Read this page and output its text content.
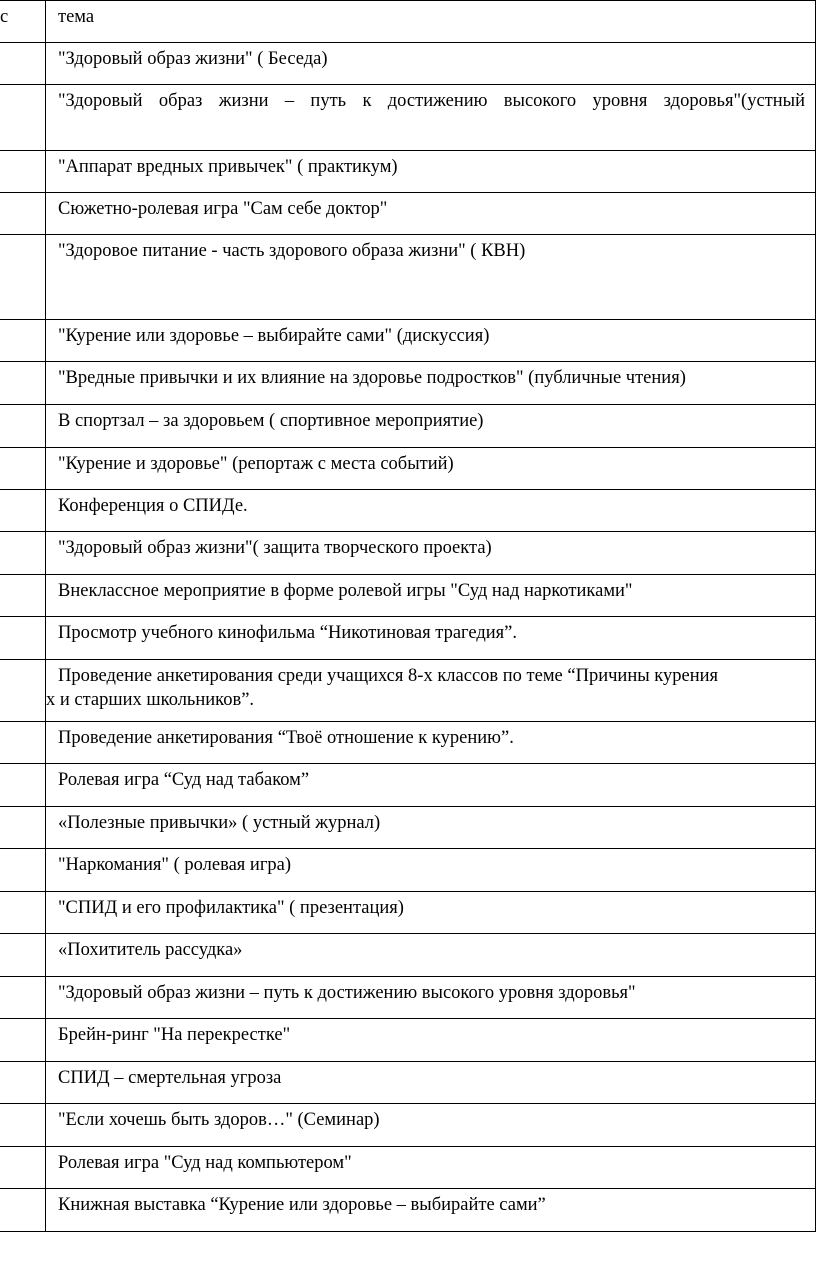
с	тема
"Здоровый образ жизни" ( Беседа)
"Здоровый образ жизни – путь к достижению высокого уровня здоровья"(устный
"Аппарат вредных привычек" ( практикум)
Сюжетно-ролевая игра "Сам себе доктор"
"Здоровое питание - часть здорового образа жизни" ( КВН)
"Курение или здоровье – выбирайте сами" (дискуссия)
"Вредные привычки и их влияние на здоровье подростков" (публичные чтения)
В спортзал – за здоровьем ( спортивное мероприятие)
"Курение и здоровье" (репортаж с места событий)
Конференция о СПИДе.
"Здоровый образ жизни"( защита творческого проекта)
Внеклассное мероприятие в форме ролевой игры "Суд над наркотиками"
Просмотр учебного кинофильма “Никотиновая трагедия”.
Проведение анкетирования среди учащихся 8-х классов по теме “Причины курения
х и старших школьников”.
Проведение анкетирования “Твоё отношение к курению”.
Ролевая игра “Суд над табаком”
«Полезные привычки» ( устный журнал)
"Наркомания" ( ролевая игра)
"СПИД и его профилактика" ( презентация)
«Похититель рассудка»
"Здоровый образ жизни – путь к достижению высокого уровня здоровья"
Брейн-ринг "На перекрестке"
СПИД – смертельная угроза
"Если хочешь быть здоров…" (Семинар)
Ролевая игра "Суд над компьютером"
Книжная выставка “Курение или здоровье – выбирайте сами”
